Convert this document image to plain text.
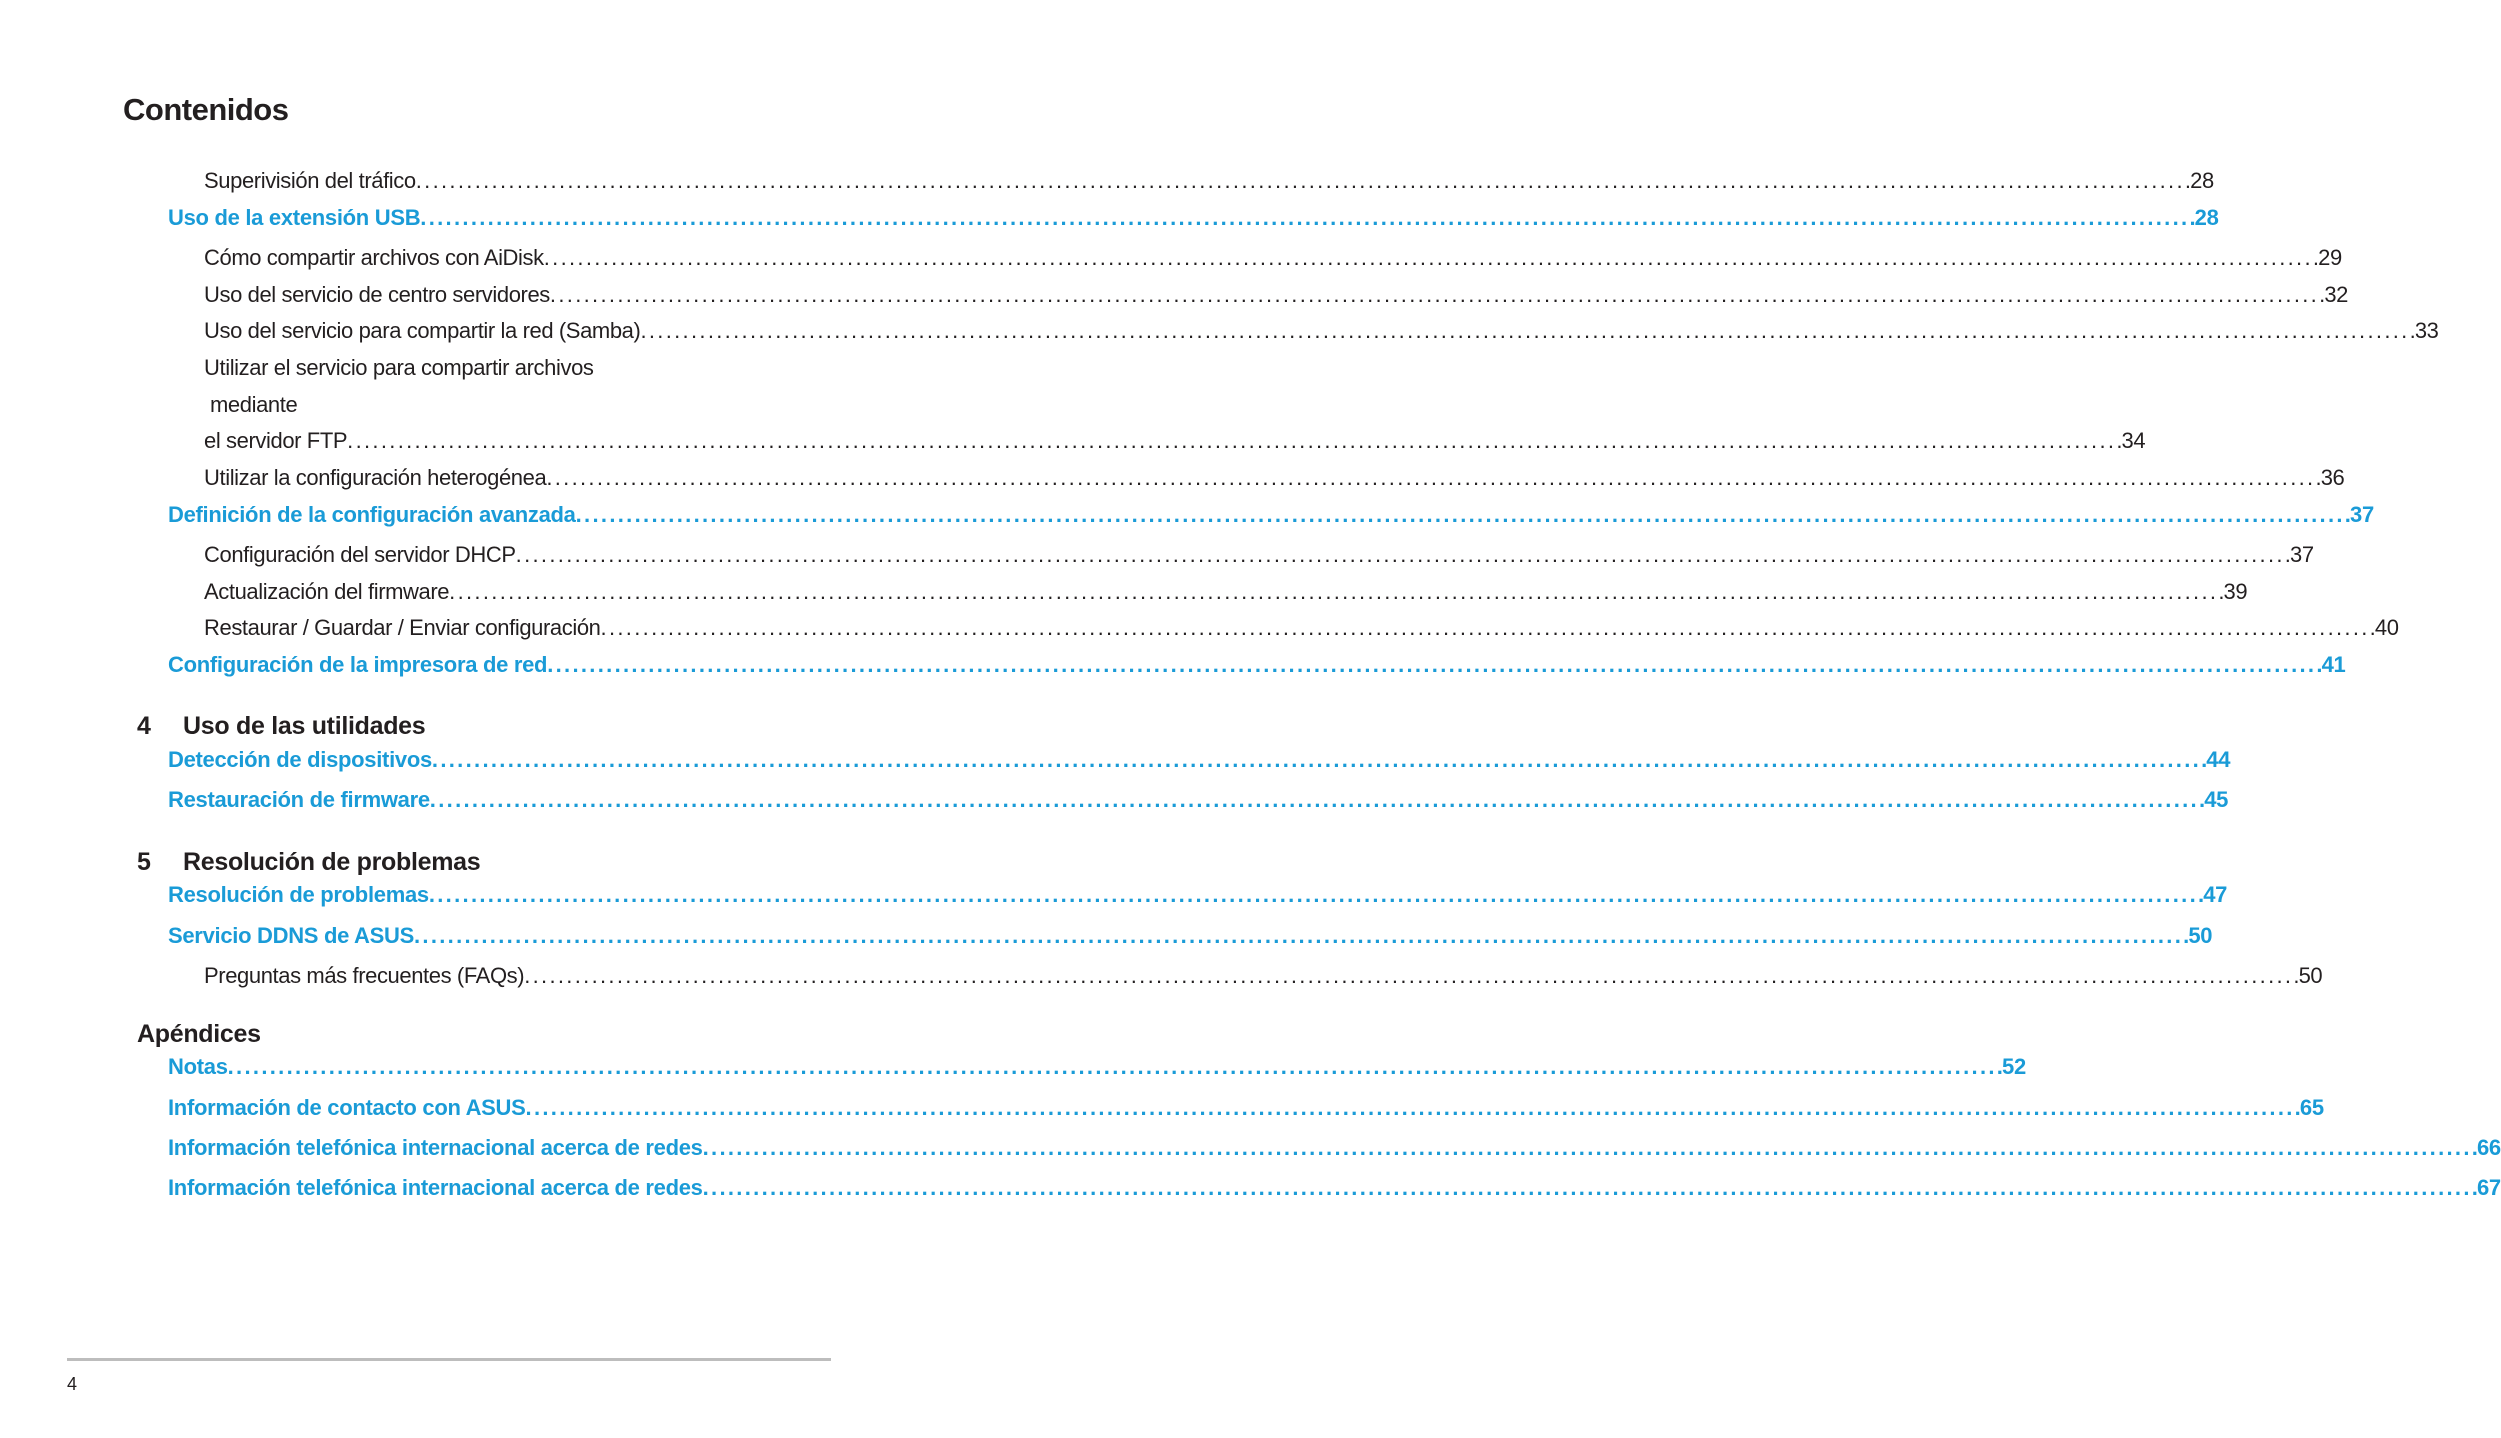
Contenidos
Superivisión del tráfico . . .	28
Uso de la extensión USB . . .	28
Cómo compartir archivos con AiDisk . . .	29
Uso del servicio de centro servidores . . .	32
Uso del servicio para compartir la red (Samba) . . .	33
Utilizar el servicio para compartir archivos
mediante
el servidor FTP . . .	34
Utilizar la configuración heterogénea . . .	36
Definición de la configuración avanzada . . .	37
Configuración del servidor DHCP . . .	37
Actualización del firmware . . .	39
Restaurar / Guardar / Enviar configuración . . .	40
Configuración de la impresora de red . . .	41
4 Uso de las utilidades
Detección de dispositivos . . .	44
Restauración de firmware . . .	45
5 Resolución de problemas
Resolución de problemas . . .	47
Servicio DDNS de ASUS . . .	50
Preguntas más frecuentes (FAQs) . . .	50
Apéndices
Notas . . .	52
Información de contacto con ASUS . . .	65
Información telefónica internacional acerca de redes . . .	66
Información telefónica internacional acerca de redes . . .	67
4
